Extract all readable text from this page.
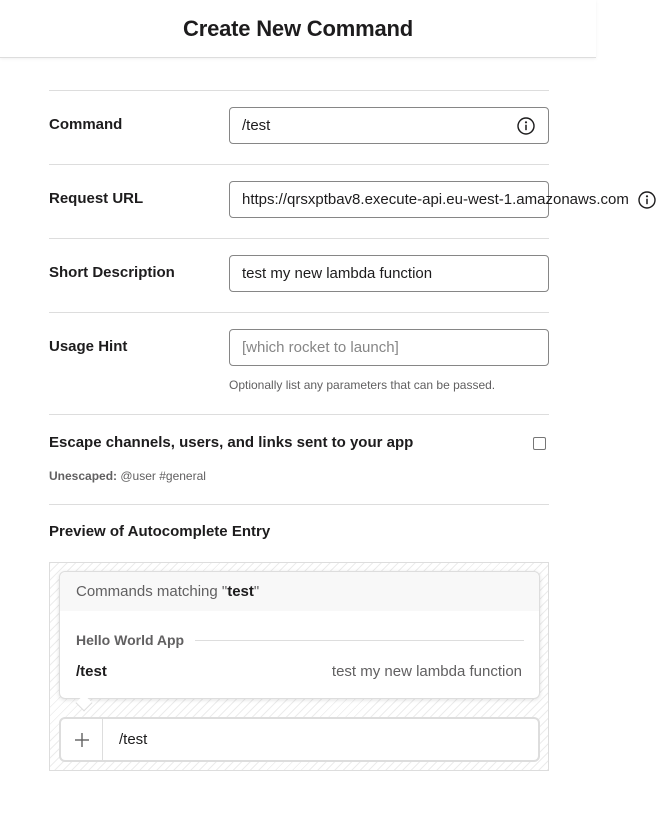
Create New Command
Command	/test
Request URL	https://qrsxptbav8.execute-api.eu-west-1.amazonaws.com
Short Description	test my new lambda function
Usage Hint	[which rocket to launch]
Optionally list any parameters that can be passed.
Escape channels, users, and links sent to your app
Unescaped: @user #general
Preview of Autocomplete Entry
Commands matching " test "
Hello World App
/test	test my new lambda function
/test
